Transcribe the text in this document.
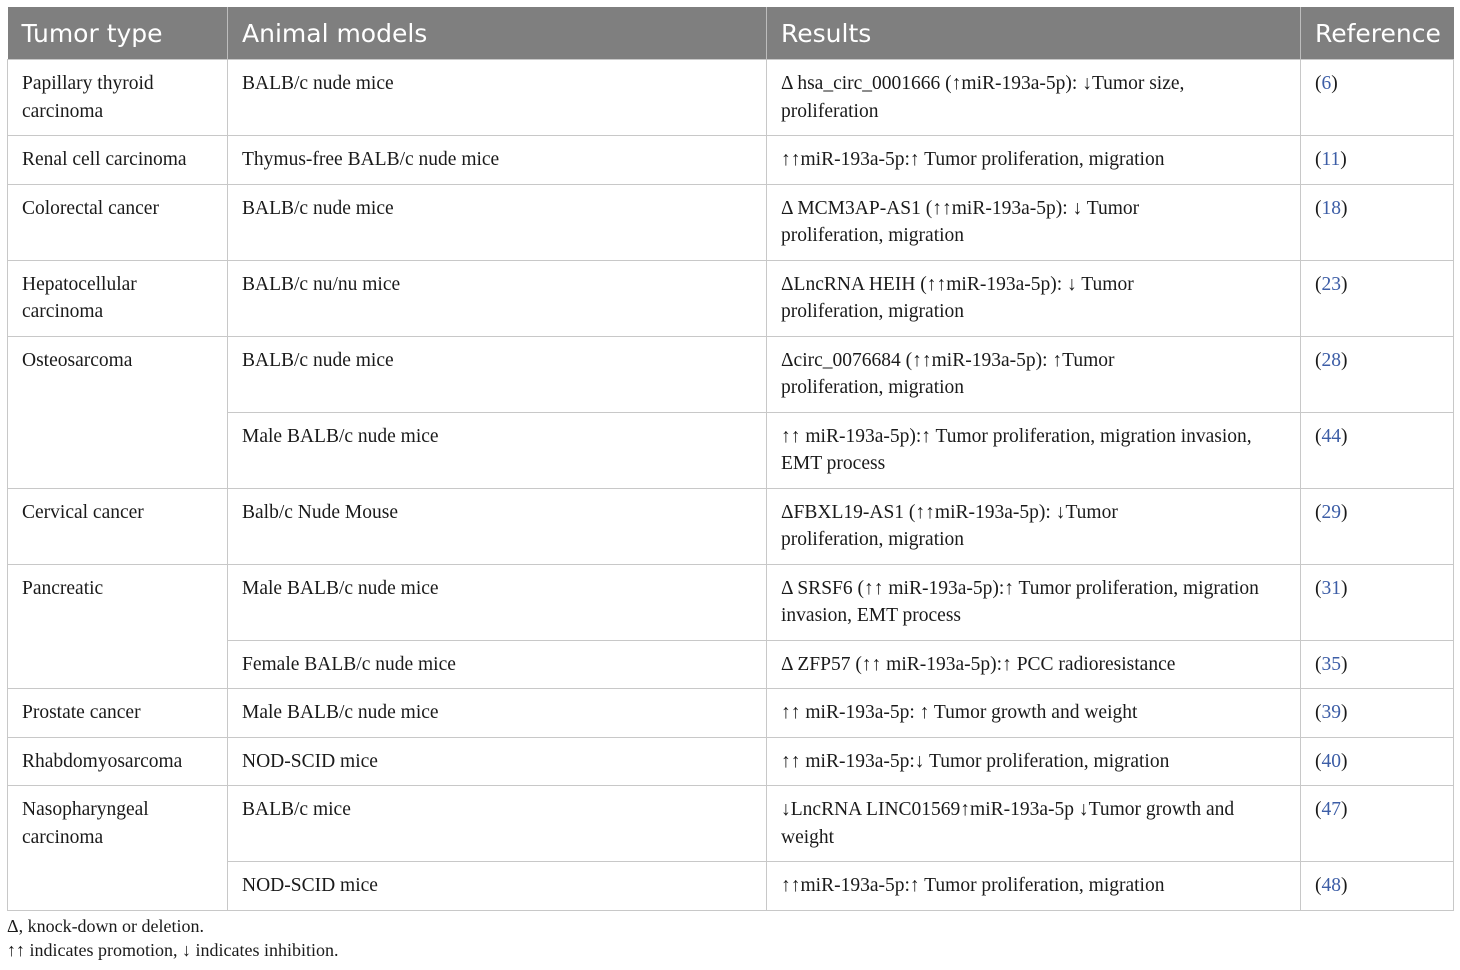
Tumor type	Animal models	Results	Reference
Papillary thyroid carcinoma	BALB/c nude mice	Δ hsa_circ_0001666 (↑miR-193a-5p): ↓Tumor size, proliferation	(6)
Renal cell carcinoma	Thymus-free BALB/c nude mice	↑↑miR-193a-5p:↑ Tumor proliferation, migration	(11)
Colorectal cancer	BALB/c nude mice	Δ MCM3AP-AS1 (↑↑miR-193a-5p): ↓ Tumor proliferation, migration	(18)
Hepatocellular carcinoma	BALB/c nu/nu mice	ΔLncRNA HEIH (↑↑miR-193a-5p): ↓ Tumor proliferation, migration	(23)
Osteosarcoma	BALB/c nude mice	Δcirc_0076684 (↑↑miR-193a-5p): ↑Tumor proliferation, migration	(28)
	Male BALB/c nude mice	↑↑ miR-193a-5p):↑ Tumor proliferation, migration invasion, EMT process	(44)
Cervical cancer	Balb/c Nude Mouse	ΔFBXL19-AS1 (↑↑miR-193a-5p): ↓Tumor proliferation, migration	(29)
Pancreatic	Male BALB/c nude mice	Δ SRSF6 (↑↑ miR-193a-5p):↑ Tumor proliferation, migration invasion, EMT process	(31)
	Female BALB/c nude mice	Δ ZFP57 (↑↑ miR-193a-5p):↑ PCC radioresistance	(35)
Prostate cancer	Male BALB/c nude mice	↑↑ miR-193a-5p: ↑ Tumor growth and weight	(39)
Rhabdomyosarcoma	NOD-SCID mice	↑↑ miR-193a-5p:↓ Tumor proliferation, migration	(40)
Nasopharyngeal carcinoma	BALB/c mice	↓LncRNA LINC01569↑miR-193a-5p ↓Tumor growth and weight	(47)
	NOD-SCID mice	↑↑miR-193a-5p:↑ Tumor proliferation, migration	(48)
Δ, knock-down or deletion.
↑↑ indicates promotion, ↓ indicates inhibition.
